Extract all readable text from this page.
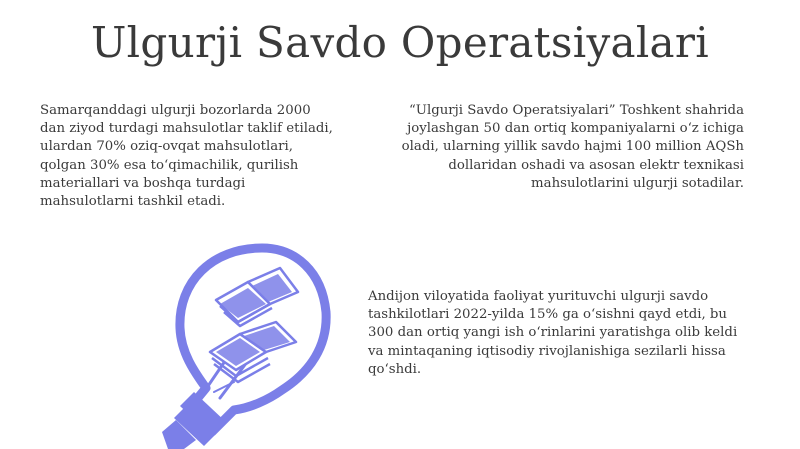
Ulgurji Savdo Operatsiyalari
Samarqanddagi ulgurji bozorlarda 2000 dan ziyod turdagi mahsulotlar taklif etiladi, ulardan 70% oziq-ovqat mahsulotlari, qolgan 30% esa to‘qimachilik, qurilish materiallari va boshqa turdagi mahsulotlarni tashkil etadi.
“Ulgurji Savdo Operatsiyalari” Toshkent shahrida joylashgan 50 dan ortiq kompaniyalarni o‘z ichiga oladi, ularning yillik savdo hajmi 100 million AQSh dollaridan oshadi va asosan elektr texnikasi mahsulotlarini ulgurji sotadilar.
Andijon viloyatida faoliyat yurituvchi ulgurji savdo tashkilotlari 2022-yilda 15% ga o‘sishni qayd etdi, bu 300 dan ortiq yangi ish o‘rinlarini yaratishga olib keldi va mintaqaning iqtisodiy rivojlanishiga sezilarli hissa qo‘shdi.
